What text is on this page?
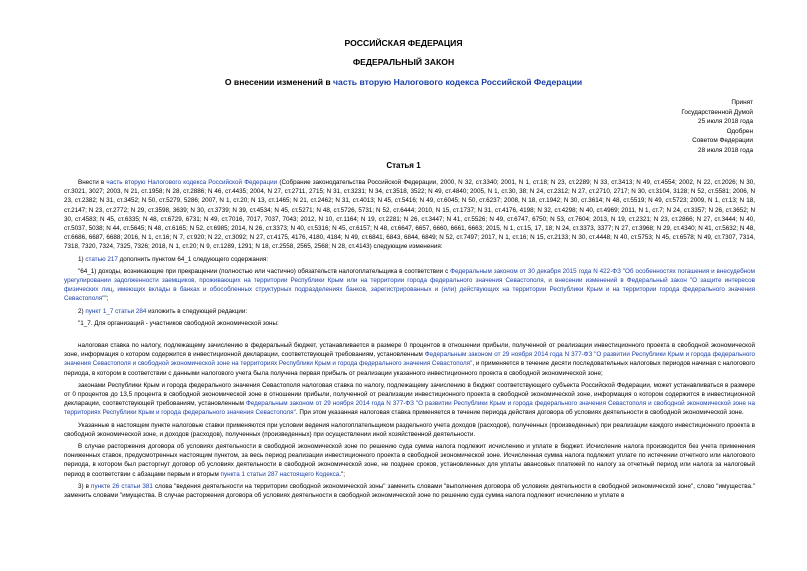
РОССИЙСКАЯ ФЕДЕРАЦИЯ
ФЕДЕРАЛЬНЫЙ ЗАКОН
О внесении изменений в часть вторую Налогового кодекса Российской Федерации
Принят
Государственной Думой
25 июля 2018 года
Одобрен
Советом Федерации
28 июля 2018 года
Статья 1

Внести в часть вторую Налогового кодекса Российской Федерации (Собрание законодательства Российской Федерации, 2000, N 32, ст.3340; 2001, N 1, ст.18; N 23, ст.2289; N 33, ст.3413; N 49, ст.4554; 2002, N 22, ст.2026; N 30, ст.3021, 3027; 2003, N 21, ст.1958; N 28, ст.2886; N 46, ст.4435; 2004, N 27, ст.2711, 2715; N 31, ст.3231; N 34, ст.3518, 3522; N 49, ст.4840; 2005, N 1, ст.30, 38; N 24, ст.2312; N 27, ст.2710, 2717; N 30, ст.3104, 3128; N 52, ст.5581; 2006, N 23, ст.2382; N 31, ст.3452; N 50, ст.5279, 5286; 2007, N 1, ст.20; N 13, ст.1465; N 21, ст.2462; N 31, ст.4013; N 45, ст.5416; N 49, ст.6045; N 50, ст.6237; 2008, N 18, ст.1942; N 30, ст.3614; N 48, ст.5519; N 49, ст.5723; 2009, N 1, ст.13; N 18, ст.2147; N 23, ст.2772; N 29, ст.3598, 3639; N 30, ст.3739; N 39, ст.4534; N 45, ст.5271; N 48, ст.5726, 5731; N 52, ст.6444; 2010, N 15, ст.1737; N 31, ст.4176, 4198; N 32, ст.4298; N 40, ст.4969; 2011, N 1, ст.7; N 24, ст.3357; N 26, ст.3652; N 30, ст.4583; N 45, ст.6335; N 48, ст.6729, 6731; N 49, ст.7016, 7017, 7037, 7043; 2012, N 10, ст.1164; N 19, ст.2281; N 26, ст.3447; N 41, ст.5526; N 49, ст.6747, 6750; N 53, ст.7604; 2013, N 19, ст.2321; N 23, ст.2866; N 27, ст.3444; N 40, ст.5037, 5038; N 44, ст.5645; N 48, ст.6165; N 52, ст.6985; 2014, N 26, ст.3373; N 40, ст.5316; N 45, ст.6157; N 48, ст.6647, 6657, 6660, 6661, 6663; 2015, N 1, ст.15, 17, 18; N 24, ст.3373, 3377; N 27, ст.3968; N 29, ст.4340; N 41, ст.5632; N 48, ст.6686, 6687, 6688; 2016, N 1, ст.16; N 7, ст.920; N 22, ст.3092; N 27, ст.4175, 4176, 4180, 4184; N 49, ст.6841, 6843, 6844, 6849; N 52, ст.7497; 2017, N 1, ст.16; N 15, ст.2133; N 30, ст.4448; N 40, ст.5753; N 45, ст.6578; N 49, ст.7307, 7314, 7318, 7320, 7324, 7325, 7326; 2018, N 1, ст.20; N 9, ст.1289, 1291; N 18, ст.2558, 2565, 2568; N 28, ст.4143) следующие изменения:

1) статью 217 дополнить пунктом 64_1 следующего содержания:

"64_1) доходы, возникающие при прекращении (полностью или частично) обязательств налогоплательщика в соответствии с Федеральным законом от 30 декабря 2015 года N 422-ФЗ "Об особенностях погашения и внесудебном урегулировании задолженности заемщиков, проживающих на территории Республики Крым или на территории города федерального значения Севастополя, и внесении изменений в Федеральный закон "О защите интересов физических лиц, имеющих вклады в банках и обособленных структурных подразделениях банков, зарегистрированных и (или) действующих на территории Республики Крым и на территории города федерального значения Севастополя"";

2) пункт 1_7 статьи 284 изложить в следующей редакции:

"1_7. Для организаций - участников свободной экономической зоны:

налоговая ставка по налогу, подлежащему зачислению в федеральный бюджет, устанавливается в размере 0 процентов в отношении прибыли, полученной от реализации инвестиционного проекта в свободной экономической зоне, информация о котором содержится в инвестиционной декларации, соответствующей требованиям, установленным Федеральным законом от 29 ноября 2014 года N 377-ФЗ "О развитии Республики Крым и города федерального значения Севастополя и свободной экономической зоне на территориях Республики Крым и города федерального значения Севастополя", и применяется в течение десяти последовательных налоговых периодов начиная с налогового периода, в котором в соответствии с данными налогового учета была получена первая прибыль от реализации указанного инвестиционного проекта в свободной экономической зоне;

законами Республики Крым и города федерального значения Севастополя налоговая ставка по налогу, подлежащему зачислению в бюджет соответствующего субъекта Российской Федерации, может устанавливаться в размере от 0 процентов до 13,5 процента в свободной экономической зоне в отношении прибыли, полученной от реализации инвестиционного проекта в свободной экономической зоне, информация о котором содержится в инвестиционной декларации, соответствующей требованиям, установленным Федеральным законом от 29 ноября 2014 года N 377-ФЗ "О развитии Республики Крым и города федерального значения Севастополя и свободной экономической зоне на территориях Республики Крым и города федерального значения Севастополя". При этом указанная налоговая ставка применяется в течение периода действия договора об условиях деятельности в свободной экономической зоне.

Указанные в настоящем пункте налоговые ставки применяются при условии ведения налогоплательщиком раздельного учета доходов (расходов), полученных (произведенных) при реализации каждого инвестиционного проекта в свободной экономической зоне, и доходов (расходов), полученных (произведенных) при осуществлении иной хозяйственной деятельности.

В случае расторжения договора об условиях деятельности в свободной экономической зоне по решению суда сумма налога подлежит исчислению и уплате в бюджет. Исчисление налога производится без учета применения пониженных ставок, предусмотренных настоящим пунктом, за весь период реализации инвестиционного проекта в свободной экономической зоне. Исчисленная сумма налога подлежит уплате по истечении отчетного или налогового периода, в котором был расторгнут договор об условиях деятельности в свободной экономической зоне, не позднее сроков, установленных для уплаты авансовых платежей по налогу за отчетный период или налога за налоговый период в соответствии с абзацами первым и вторым пункта 1 статьи 287 настоящего Кодекса.";

3) в пункте 26 статьи 381 слова "ведения деятельности на территории свободной экономической зоны" заменить словами "выполнения договора об условиях деятельности в свободной экономической зоне", слово "имущества." заменить словами "имущества. В случае расторжения договора об условиях деятельности в свободной экономической зоне по решению суда сумма налога подлежит исчислению и уплате в
